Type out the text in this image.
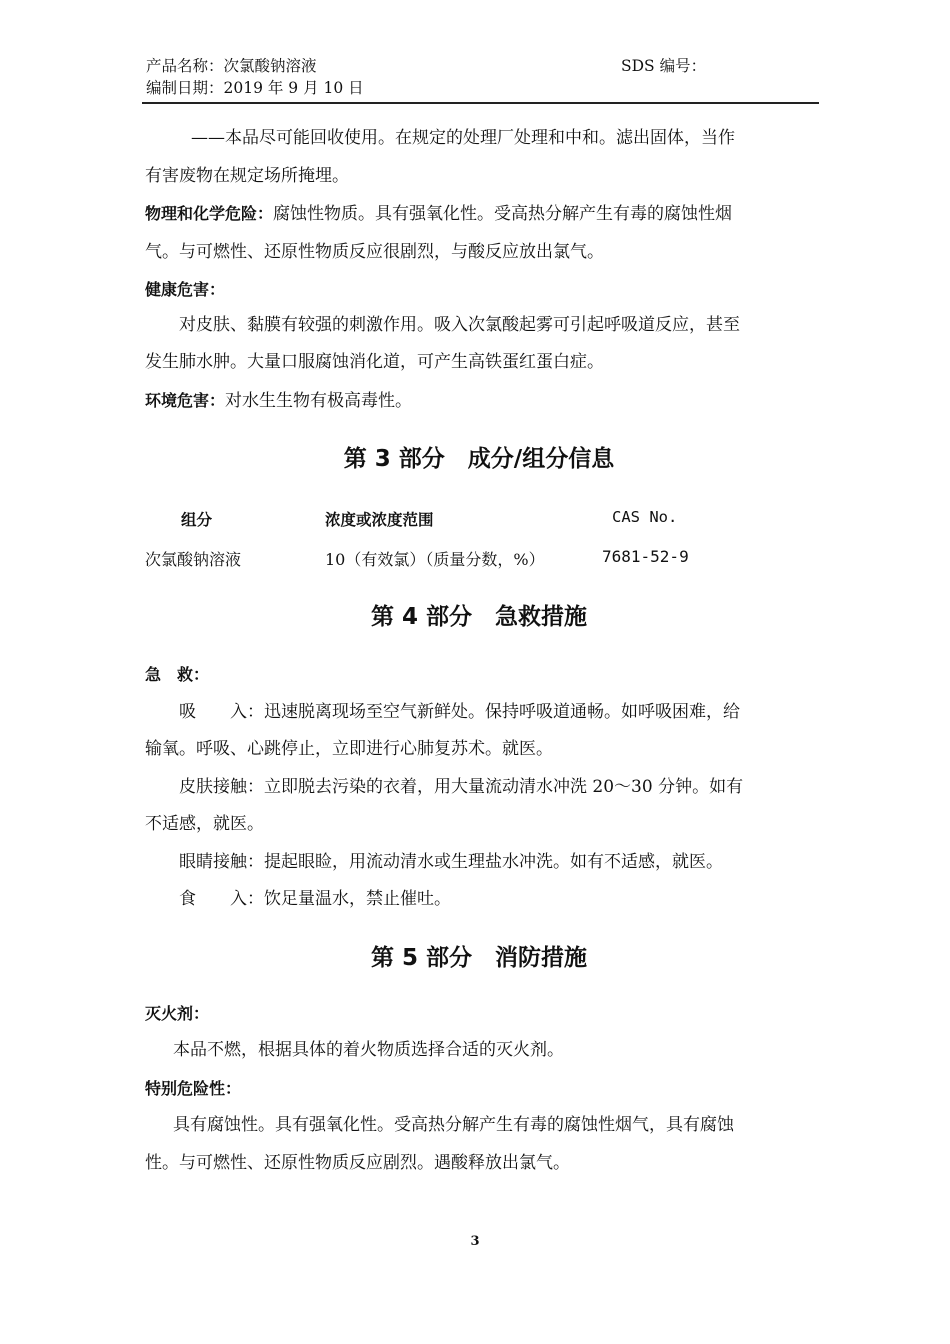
产品名称：次氯酸钠溶液	SDS 编号：
编制日期：2019 年 9 月 10 日

——本品尽可能回收使用。在规定的处理厂处理和中和。滤出固体，当作

有害废物在规定场所掩埋。

物理和化学危险：腐蚀性物质。具有强氧化性。受高热分解产生有毒的腐蚀性烟

气。与可燃性、还原性物质反应很剧烈，与酸反应放出氯气。

健康危害：

对皮肤、黏膜有较强的刺激作用。吸入次氯酸起雾可引起呼吸道反应，甚至

发生肺水肿。大量口服腐蚀消化道，可产生高铁蛋红蛋白症。

环境危害：对水生生物有极高毒性。

第 3 部分　成分/组分信息

组分	浓度或浓度范围	CAS No.
次氯酸钠溶液	10（有效氯）（质量分数，%）	7681-52-9

第 4 部分　急救措施

急　救：

吸　　入：迅速脱离现场至空气新鲜处。保持呼吸道通畅。如呼吸困难，给

输氧。呼吸、心跳停止，立即进行心肺复苏术。就医。

皮肤接触：立即脱去污染的衣着，用大量流动清水冲洗 20～30 分钟。如有

不适感，就医。

眼睛接触：提起眼睑，用流动清水或生理盐水冲洗。如有不适感，就医。

食　　入：饮足量温水，禁止催吐。

第 5 部分　消防措施

灭火剂：

本品不燃，根据具体的着火物质选择合适的灭火剂。

特别危险性：

具有腐蚀性。具有强氧化性。受高热分解产生有毒的腐蚀性烟气，具有腐蚀

性。与可燃性、还原性物质反应剧烈。遇酸释放出氯气。

3
